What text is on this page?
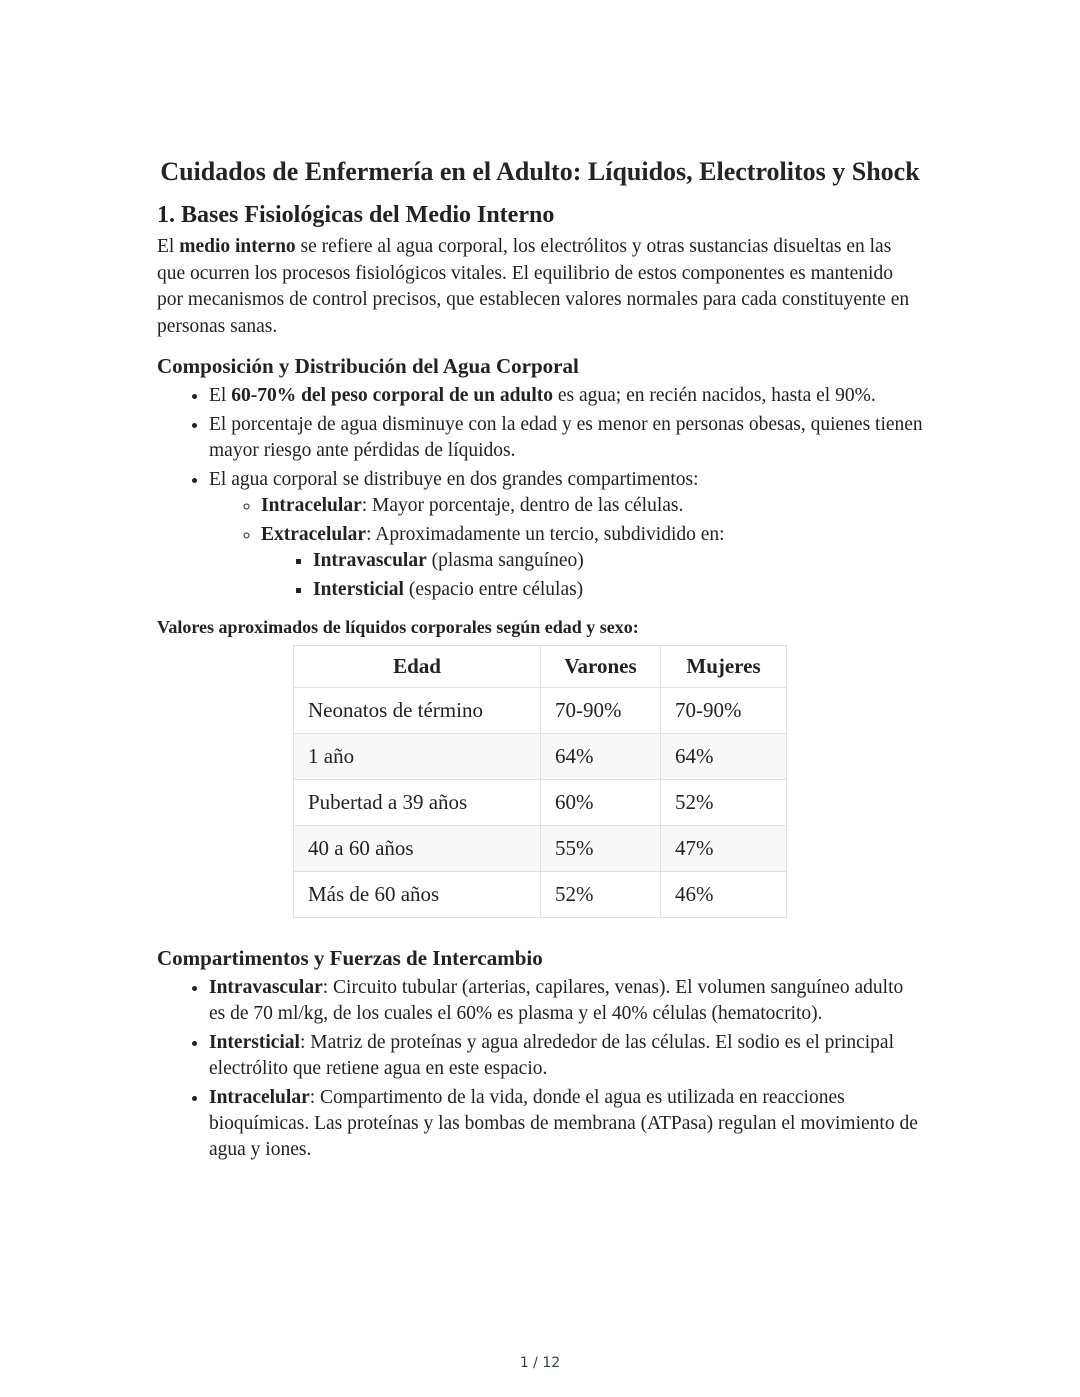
Cuidados de Enfermería en el Adulto: Líquidos, Electrolitos y Shock
1. Bases Fisiológicas del Medio Interno

El medio interno se refiere al agua corporal, los electrólitos y otras sustancias disueltas en las que ocurren los procesos fisiológicos vitales. El equilibrio de estos componentes es mantenido por mecanismos de control precisos, que establecen valores normales para cada constituyente en personas sanas.

Composición y Distribución del Agua Corporal
• El 60-70% del peso corporal de un adulto es agua; en recién nacidos, hasta el 90%.
• El porcentaje de agua disminuye con la edad y es menor en personas obesas, quienes tienen mayor riesgo ante pérdidas de líquidos.
• El agua corporal se distribuye en dos grandes compartimentos:
◦ Intracelular: Mayor porcentaje, dentro de las células.
◦ Extracelular: Aproximadamente un tercio, subdividido en:
▪ Intravascular (plasma sanguíneo)
▪ Intersticial (espacio entre células)

Valores aproximados de líquidos corporales según edad y sexo:

Edad	Varones	Mujeres
Neonatos de término	70-90%	70-90%
1 año	64%	64%
Pubertad a 39 años	60%	52%
40 a 60 años	55%	47%
Más de 60 años	52%	46%
Compartimentos y Fuerzas de Intercambio
• Intravascular: Circuito tubular (arterias, capilares, venas). El volumen sanguíneo adulto es de 70 ml/kg, de los cuales el 60% es plasma y el 40% células (hematocrito).
• Intersticial: Matriz de proteínas y agua alrededor de las células. El sodio es el principal electrólito que retiene agua en este espacio.
• Intracelular: Compartimento de la vida, donde el agua es utilizada en reacciones bioquímicas. Las proteínas y las bombas de membrana (ATPasa) regulan el movimiento de agua y iones.
1 / 12
